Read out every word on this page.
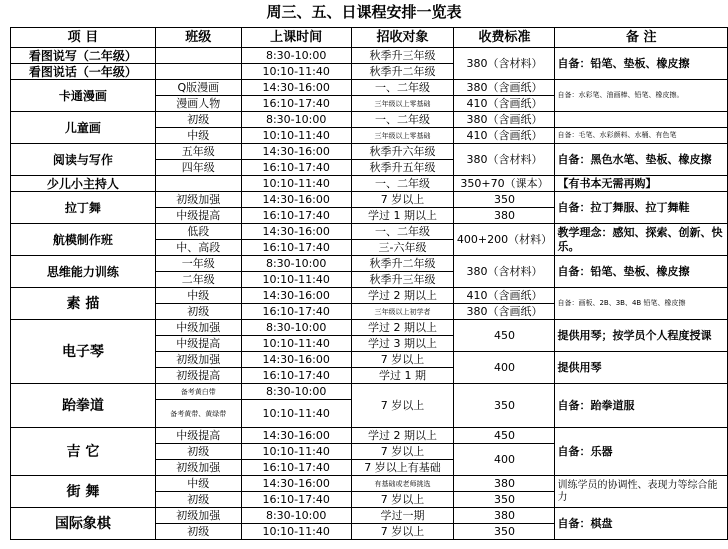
周三、五、日课程安排一览表
项 目	班级	上课时间	招收对象	收费标准	备 注
看图说写（二年级）		8:30-10:00	秋季升三年级	380（含材料）	自备：铅笔、垫板、橡皮擦
看图说话（一年级）		10:10-11:40	秋季升二年级		
卡通漫画	Q版漫画	14:30-16:00	一、二年级	380（含画纸）	自备：水彩笔、油画棒、铅笔、橡皮擦。
	漫画人物	16:10-17:40	三年级以上零基础	410（含画纸）	
儿童画	初级	8:30-10:00	一、二年级	380（含画纸）	
	中级	10:10-11:40	三年级以上零基础	410（含画纸）	自备：毛笔、水彩颜料、水桶、有色笔
阅读与写作	五年级	14:30-16:00	秋季升六年级	380（含材料）	自备：黑色水笔、垫板、橡皮擦
	四年级	16:10-17:40	秋季升五年级		
少儿小主持人		10:10-11:40	一、二年级	350+70（课本）	【有书本无需再购】
拉丁舞	初级加强	14:30-16:00	7 岁以上	350	自备：拉丁舞服、拉丁舞鞋
	中级提高	16:10-17:40	学过 1 期以上	380	
航模制作班	低段	14:30-16:00	一、二年级	400+200（材料）	教学理念：感知、探索、创新、快乐。
	中、高段	16:10-17:40	三-六年级		
思维能力训练	一年级	8:30-10:00	秋季升二年级	380（含材料）	自备：铅笔、垫板、橡皮擦
	二年级	10:10-11:40	秋季升三年级		
素 描	中级	14:30-16:00	学过 2 期以上	410（含画纸）	自备：画板、2B、3B、4B 铅笔、橡皮擦
	初级	16:10-17:40	三年级以上初学者	380（含画纸）	
电子琴	中级加强	8:30-10:00	学过 2 期以上	450	提供用琴；按学员个人程度授课
	中级提高	10:10-11:40	学过 3 期以上		
	初级加强	14:30-16:00	7 岁以上	400	提供用琴
	初级提高	16:10-17:40	学过 1 期		
跆拳道	备考黄白带	8:30-10:00	7 岁以上	350	自备：跆拳道服
	备考黄带、黄绿带	10:10-11:40			
吉 它	中级提高	14:30-16:00	学过 2 期以上	450	自备：乐器
	初级	10:10-11:40	7 岁以上	400	
	初级加强	16:10-17:40	7 岁以上有基础		
街 舞	中级	14:30-16:00	有基础或老师挑选	380	训练学员的协调性、表现力等综合能力
	初级	16:10-17:40	7 岁以上	350	
国际象棋	初级加强	8:30-10:00	学过一期	380	自备：棋盘
	初级	10:10-11:40	7 岁以上	350	
